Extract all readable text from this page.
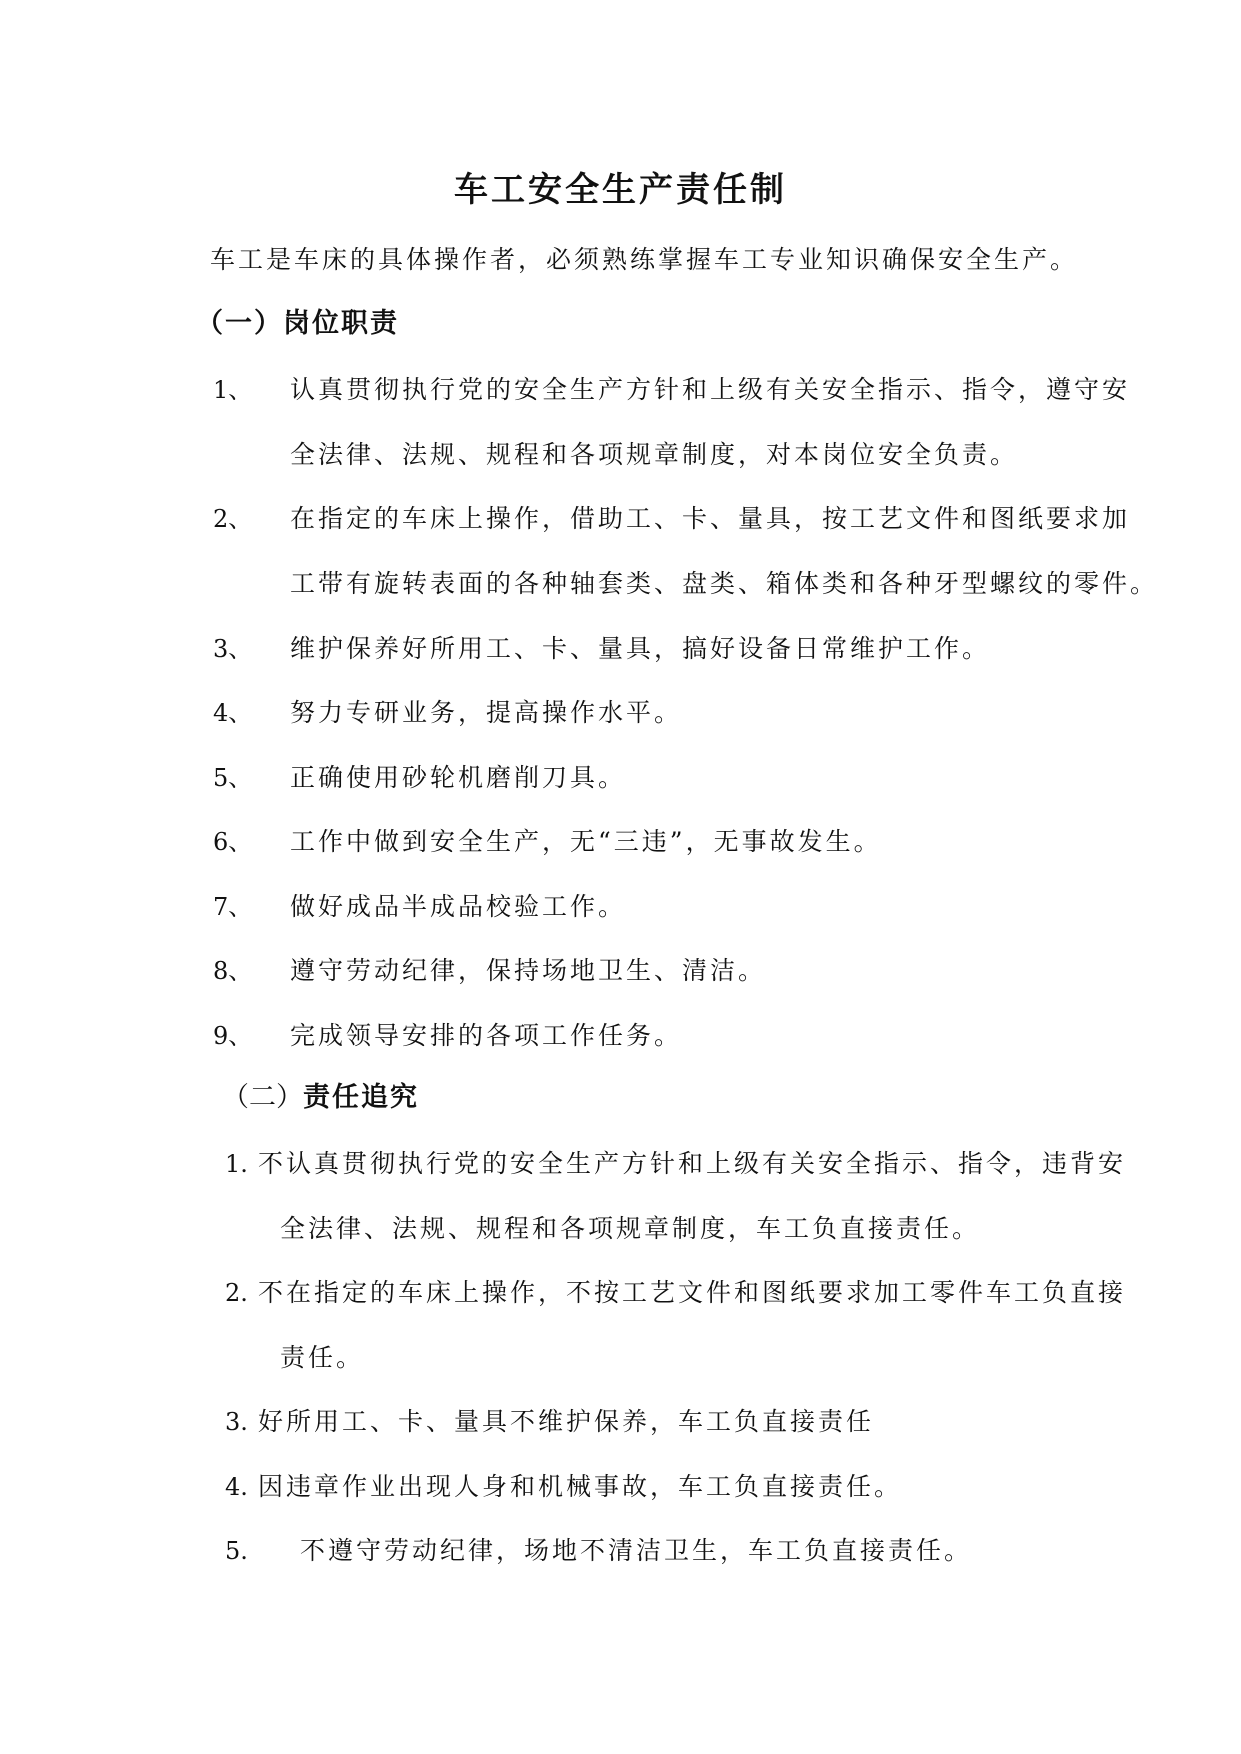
车工安全生产责任制
车工是车床的具体操作者，必须熟练掌握车工专业知识确保安全生产。
（一）岗位职责
1、 认真贯彻执行党的安全生产方针和上级有关安全指示、指令，遵守安
全法律、法规、规程和各项规章制度，对本岗位安全负责。
2、 在指定的车床上操作，借助工、卡、量具，按工艺文件和图纸要求加
工带有旋转表面的各种轴套类、盘类、箱体类和各种牙型螺纹的零件。
3、 维护保养好所用工、卡、量具，搞好设备日常维护工作。
4、 努力专研业务，提高操作水平。
5、 正确使用砂轮机磨削刀具。
6、 工作中做到安全生产，无“三违”，无事故发生。
7、 做好成品半成品校验工作。
8、 遵守劳动纪律，保持场地卫生、清洁。
9、 完成领导安排的各项工作任务。
（二）责任追究
1. 不认真贯彻执行党的安全生产方针和上级有关安全指示、指令，违背安
全法律、法规、规程和各项规章制度，车工负直接责任。
2. 不在指定的车床上操作，不按工艺文件和图纸要求加工零件车工负直接
责任。
3. 好所用工、卡、量具不维护保养，车工负直接责任
4. 因违章作业出现人身和机械事故，车工负直接责任。
5. 不遵守劳动纪律，场地不清洁卫生，车工负直接责任。
